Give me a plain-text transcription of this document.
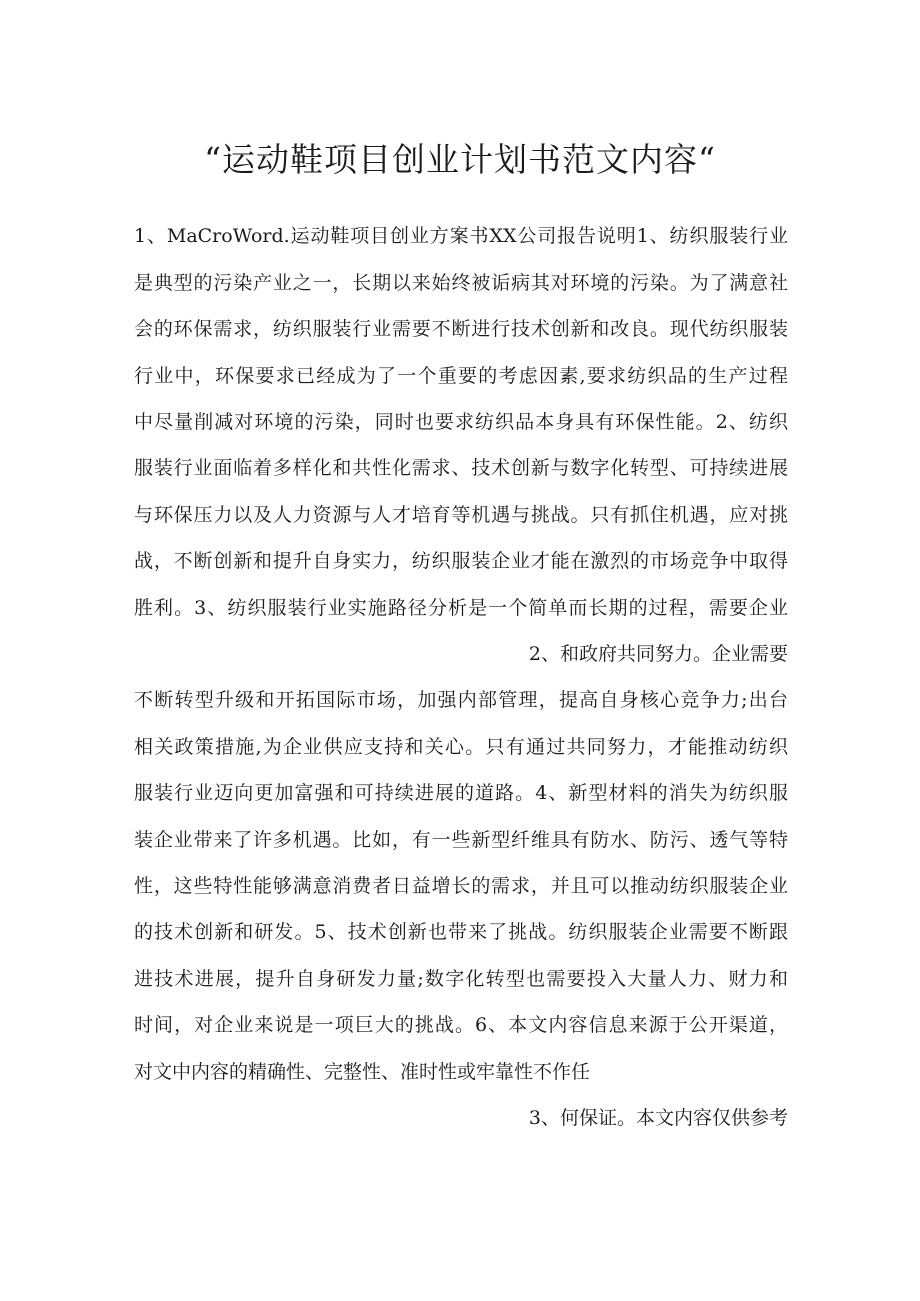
“运动鞋项目创业计划书范文内容“
1、MaCroWord.运动鞋项目创业方案书XX公司报告说明1、纺织服装行业
是典型的污染产业之一，长期以来始终被诟病其对环境的污染。为了满意社
会的环保需求，纺织服装行业需要不断进行技术创新和改良。现代纺织服装
行业中，环保要求已经成为了一个重要的考虑因素,要求纺织品的生产过程
中尽量削减对环境的污染，同时也要求纺织品本身具有环保性能。2、纺织
服装行业面临着多样化和共性化需求、技术创新与数字化转型、可持续进展
与环保压力以及人力资源与人才培育等机遇与挑战。只有抓住机遇，应对挑
战，不断创新和提升自身实力，纺织服装企业才能在激烈的市场竞争中取得
胜利。3、纺织服装行业实施路径分析是一个简单而长期的过程，需要企业
2、和政府共同努力。企业需要
不断转型升级和开拓国际市场，加强内部管理，提高自身核心竞争力;出台
相关政策措施,为企业供应支持和关心。只有通过共同努力，才能推动纺织
服装行业迈向更加富强和可持续进展的道路。4、新型材料的消失为纺织服
装企业带来了许多机遇。比如，有一些新型纤维具有防水、防污、透气等特
性，这些特性能够满意消费者日益增长的需求，并且可以推动纺织服装企业
的技术创新和研发。5、技术创新也带来了挑战。纺织服装企业需要不断跟
进技术进展，提升自身研发力量;数字化转型也需要投入大量人力、财力和
时间，对企业来说是一项巨大的挑战。6、本文内容信息来源于公开渠道，
对文中内容的精确性、完整性、准时性或牢靠性不作任
3、何保证。本文内容仅供参考
